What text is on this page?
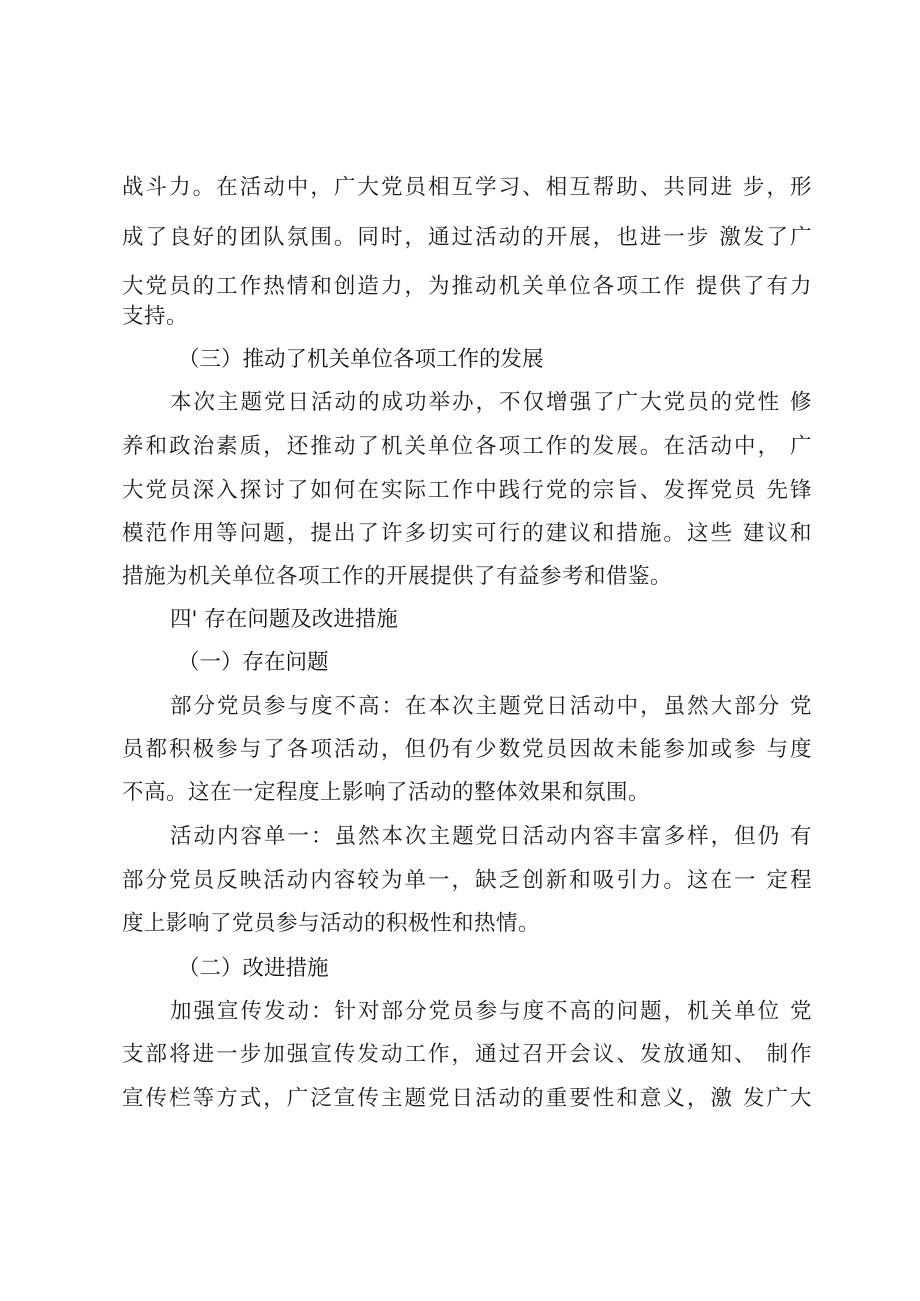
战斗力。在活动中，广大党员相互学习、相互帮助、共同进 步，形
成了良好的团队氛围。同时，通过活动的开展，也进一步 激发了广
大党员的工作热情和创造力，为推动机关单位各项工作 提供了有力
支持。
（三）推动了机关单位各项工作的发展
本次主题党日活动的成功举办，不仅增强了广大党员的党性 修
养和政治素质，还推动了机关单位各项工作的发展。在活动中， 广
大党员深入探讨了如何在实际工作中践行党的宗旨、发挥党员 先锋
模范作用等问题，提出了许多切实可行的建议和措施。这些 建议和
措施为机关单位各项工作的开展提供了有益参考和借鉴。
四' 存在问题及改进措施
（一）存在问题
部分党员参与度不高：在本次主题党日活动中，虽然大部分 党
员都积极参与了各项活动，但仍有少数党员因故未能参加或参 与度
不高。这在一定程度上影响了活动的整体效果和氛围。
活动内容单一：虽然本次主题党日活动内容丰富多样，但仍 有
部分党员反映活动内容较为单一，缺乏创新和吸引力。这在一 定程
度上影响了党员参与活动的积极性和热情。
（二）改进措施
加强宣传发动：针对部分党员参与度不高的问题，机关单位 党
支部将进一步加强宣传发动工作，通过召开会议、发放通知、 制作
宣传栏等方式，广泛宣传主题党日活动的重要性和意义，激 发广大
